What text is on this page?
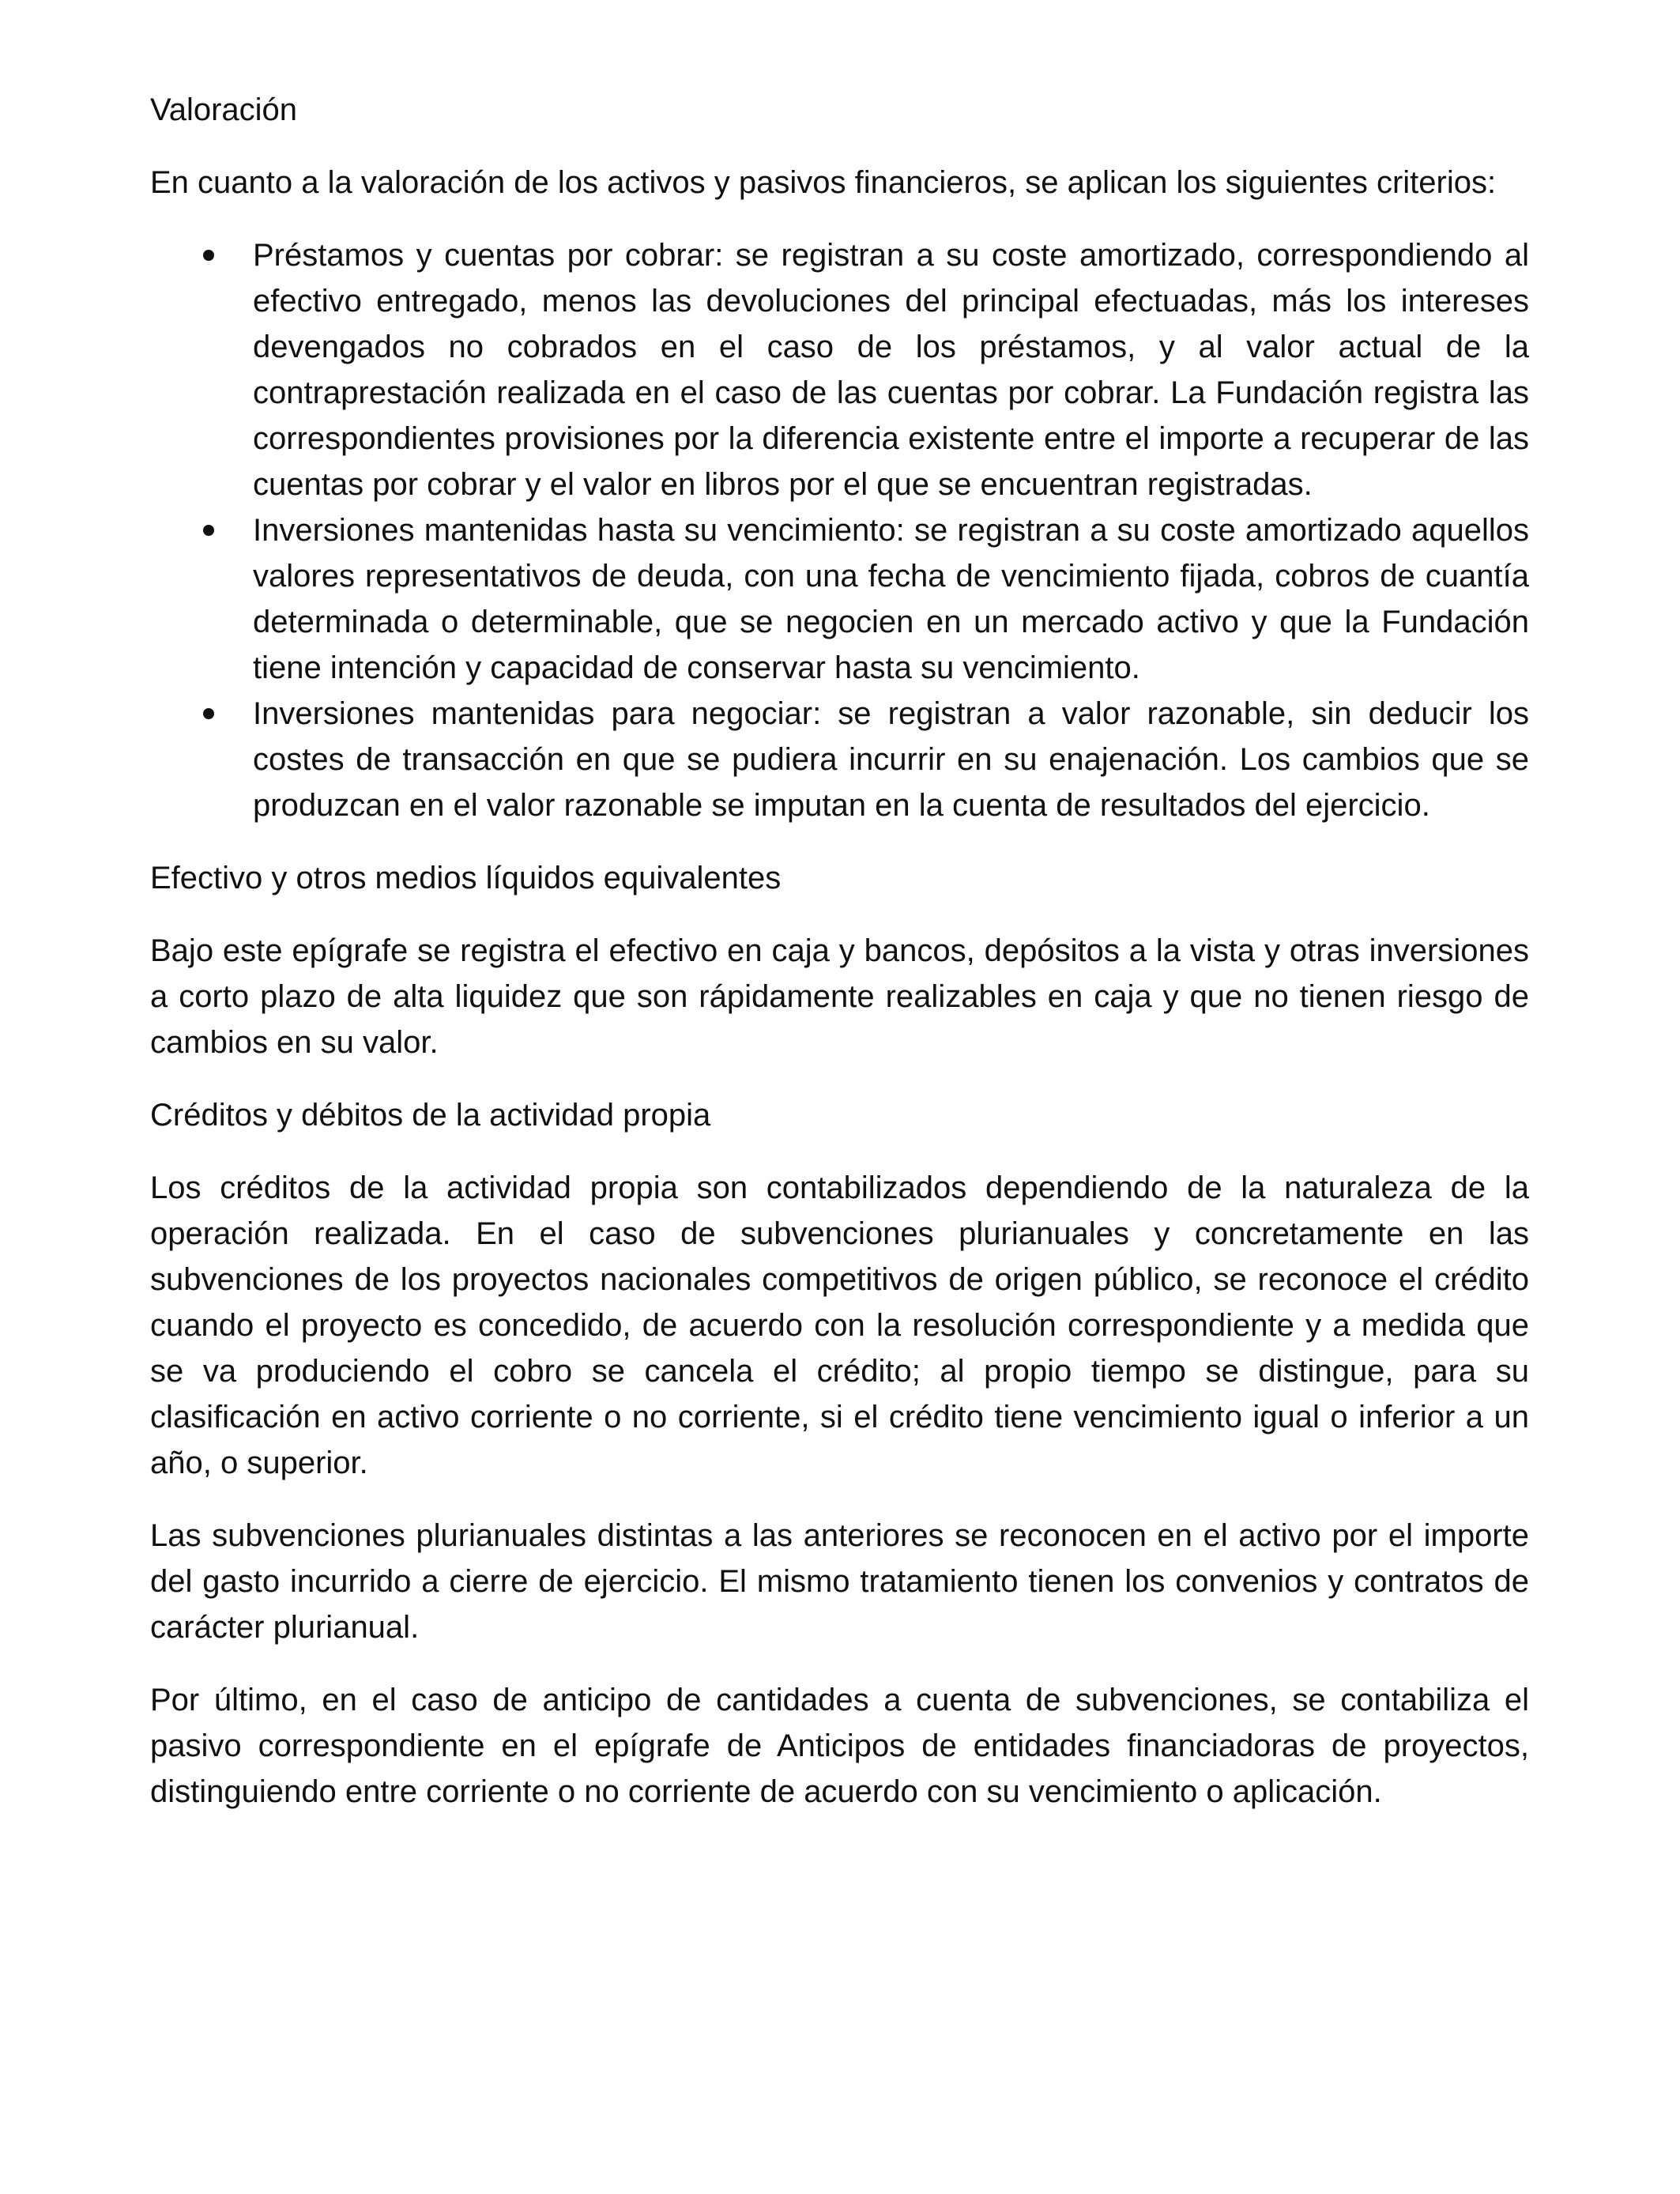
Valoración

En cuanto a la valoración de los activos y pasivos financieros, se aplican los siguientes criterios:

Préstamos y cuentas por cobrar: se registran a su coste amortizado, correspondiendo al efectivo entregado, menos las devoluciones del principal efectuadas, más los intereses devengados no cobrados en el caso de los préstamos, y al valor actual de la contraprestación realizada en el caso de las cuentas por cobrar. La Fundación registra las correspondientes provisiones por la diferencia existente entre el importe a recuperar de las cuentas por cobrar y el valor en libros por el que se encuentran registradas.
Inversiones mantenidas hasta su vencimiento: se registran a su coste amortizado aquellos valores representativos de deuda, con una fecha de vencimiento fijada, cobros de cuantía determinada o determinable, que se negocien en un mercado activo y que la Fundación tiene intención y capacidad de conservar hasta su vencimiento.
Inversiones mantenidas para negociar: se registran a valor razonable, sin deducir los costes de transacción en que se pudiera incurrir en su enajenación. Los cambios que se produzcan en el valor razonable se imputan en la cuenta de resultados del ejercicio.

Efectivo y otros medios líquidos equivalentes

Bajo este epígrafe se registra el efectivo en caja y bancos, depósitos a la vista y otras inversiones a corto plazo de alta liquidez que son rápidamente realizables en caja y que no tienen riesgo de cambios en su valor.

Créditos y débitos de la actividad propia

Los créditos de la actividad propia son contabilizados dependiendo de la naturaleza de la operación realizada. En el caso de subvenciones plurianuales y concretamente en las subvenciones de los proyectos nacionales competitivos de origen público, se reconoce el crédito cuando el proyecto es concedido, de acuerdo con la resolución correspondiente y a medida que se va produciendo el cobro se cancela el crédito; al propio tiempo se distingue, para su clasificación en activo corriente o no corriente, si el crédito tiene vencimiento igual o inferior a un año, o superior.

Las subvenciones plurianuales distintas a las anteriores se reconocen en el activo por el importe del gasto incurrido a cierre de ejercicio. El mismo tratamiento tienen los convenios y contratos de carácter plurianual.

Por último, en el caso de anticipo de cantidades a cuenta de subvenciones, se contabiliza el pasivo correspondiente en el epígrafe de Anticipos de entidades financiadoras de proyectos, distinguiendo entre corriente o no corriente de acuerdo con su vencimiento o aplicación.
